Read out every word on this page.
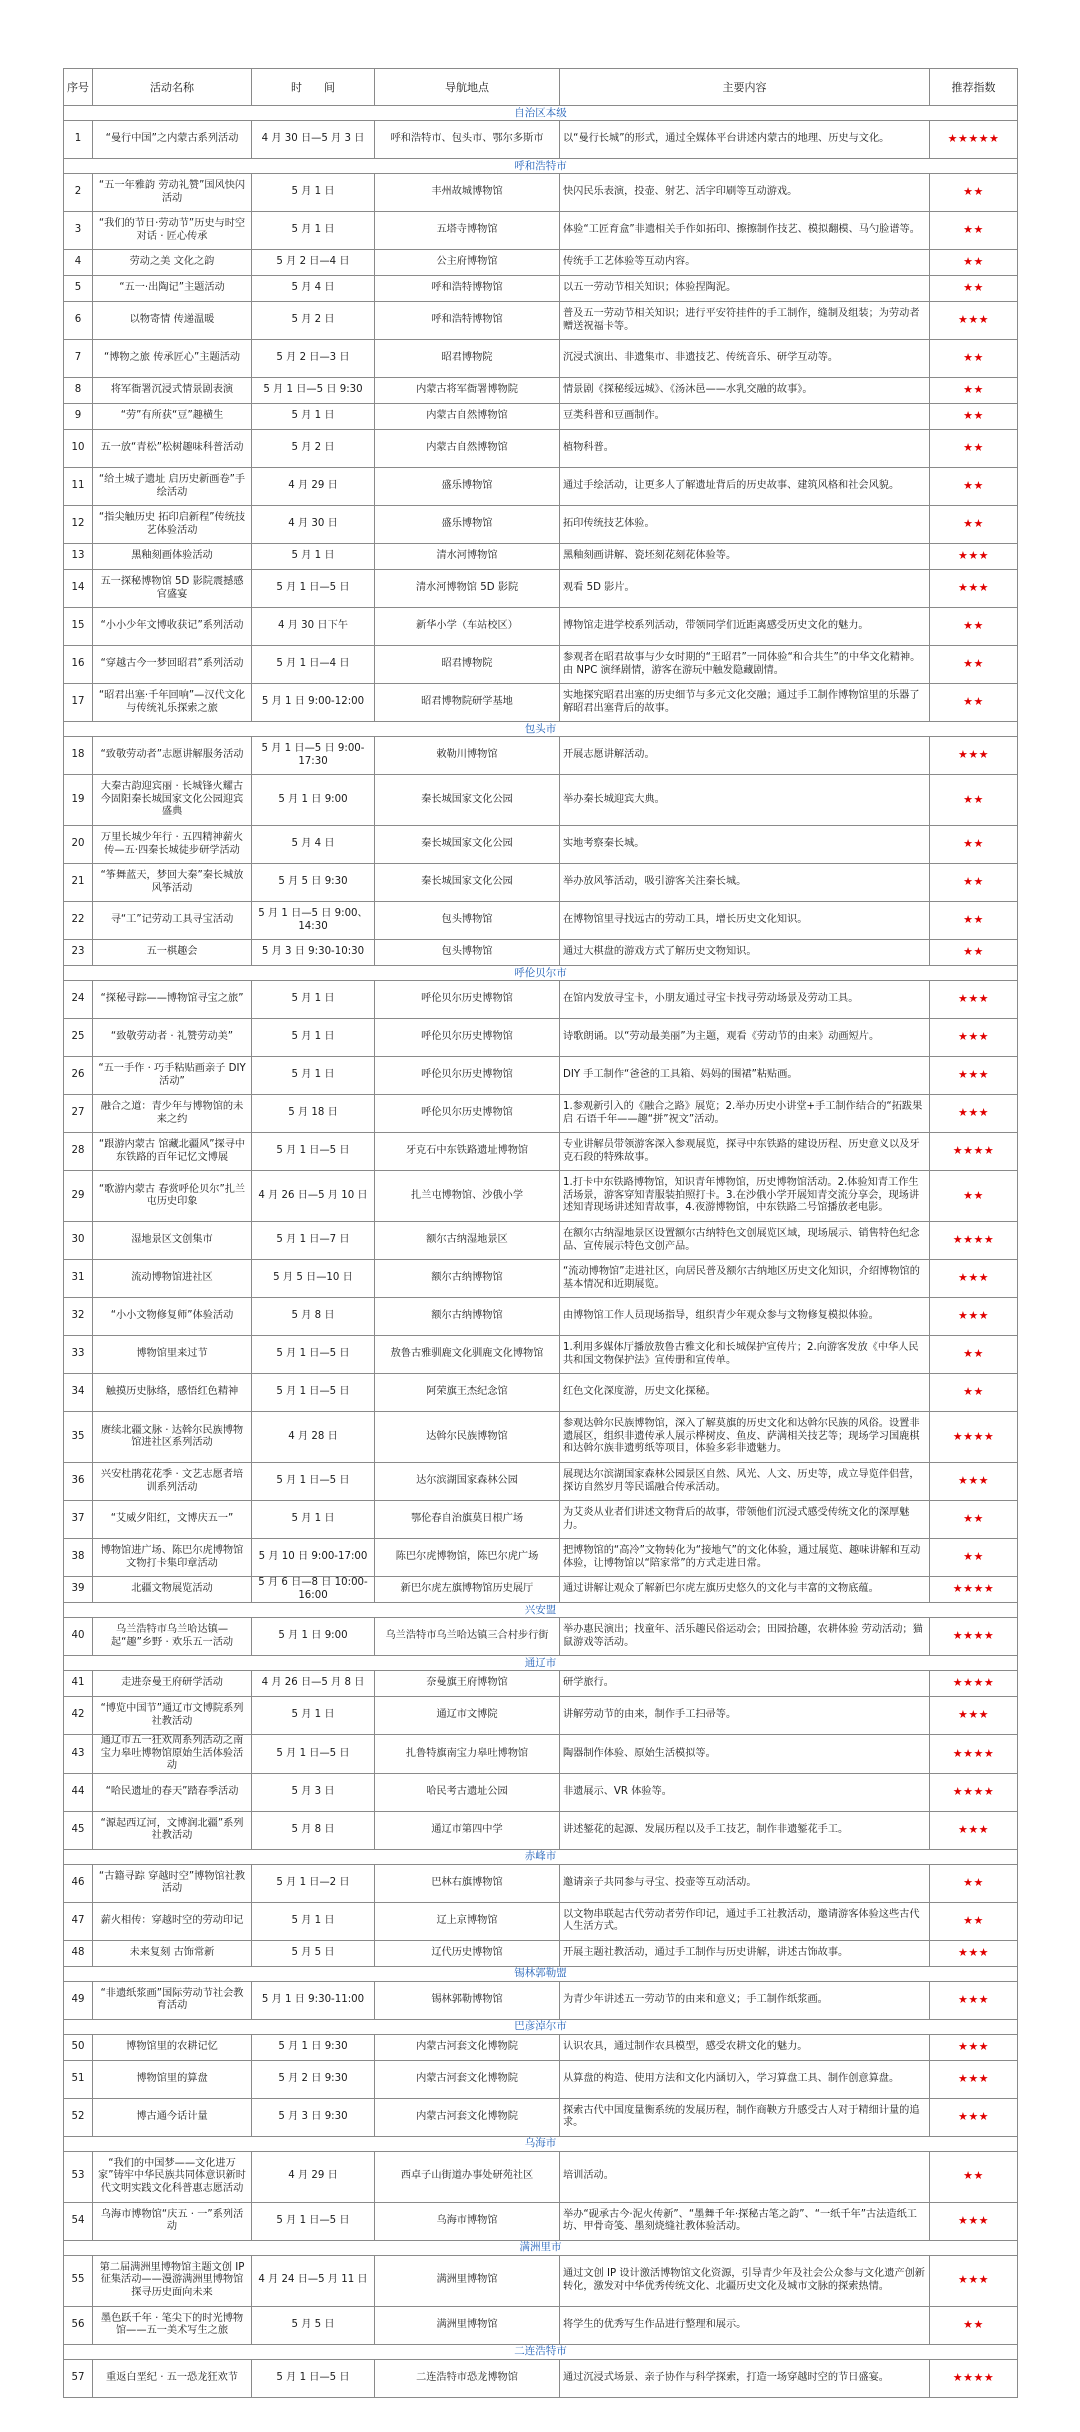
序号	活动名称	时　　间	导航地点	主要内容	推荐指数
自治区本级					
1	“曼行中国”之内蒙古系列活动	4 月 30 日—5 月 3 日	呼和浩特市、包头市、鄂尔多斯市	以“曼行长城”的形式，通过全媒体平台讲述内蒙古的地理、历史与文化。	★★★★★
呼和浩特市					
2	“五一年雅韵 劳动礼赞”国风快闪活动	5 月 1 日	丰州故城博物馆	快闪民乐表演，投壶、射艺、活字印刷等互动游戏。	★★
3	“我们的节日·劳动节”历史与时空对话 · 匠心传承	5 月 1 日	五塔寺博物馆	体验“工匠育盒”非遗相关手作如拓印、擦擦制作技艺、模拟翻模、马勺脸谱等。	★★
4	劳动之美 文化之韵	5 月 2 日—4 日	公主府博物馆	传统手工艺体验等互动内容。	★★
5	“五一·出陶记”主题活动	5 月 4 日	呼和浩特博物馆	以五一劳动节相关知识；体验捏陶泥。	★★
6	以物寄情 传递温暖	5 月 2 日	呼和浩特博物馆	普及五一劳动节相关知识；进行平安符挂件的手工制作，缝制及组装；为劳动者赠送祝福卡等。	★★★
7	“博物之旅 传承匠心”主题活动	5 月 2 日—3 日	昭君博物院	沉浸式演出、非遗集市、非遗技艺、传统音乐、研学互动等。	★★
8	将军衙署沉浸式情景剧表演	5 月 1 日—5 日 9:30	内蒙古将军衙署博物院	情景剧《探秘绥远城》、《汤沐邑——水乳交融的故事》。	★★
9	“劳”有所获“豆”趣横生	5 月 1 日	内蒙古自然博物馆	豆类科普和豆画制作。	★★
10	五一放“青松”松树趣味科普活动	5 月 2 日	内蒙古自然博物馆	植物科普。	★★
11	“给土城子遗址 启历史新画卷”手绘活动	4 月 29 日	盛乐博物馆	通过手绘活动，让更多人了解遗址背后的历史故事、建筑风格和社会风貌。	★★
12	“指尖触历史 拓印启新程”传统技艺体验活动	4 月 30 日	盛乐博物馆	拓印传统技艺体验。	★★
13	黑釉刻画体验活动	5 月 1 日	清水河博物馆	黑釉刻画讲解、瓷坯刻花刻花体验等。	★★★
14	五一探秘博物馆 5D 影院震撼感官盛宴	5 月 1 日—5 日	清水河博物馆 5D 影院	观看 5D 影片。	★★★
15	“小小少年文博收获记”系列活动	4 月 30 日下午	新华小学（车站校区）	博物馆走进学校系列活动，带领同学们近距离感受历史文化的魅力。	★★
16	“穿越古今一梦回昭君”系列活动	5 月 1 日—4 日	昭君博物院	参观者在昭君故事与少女时期的“王昭君”一同体验“和合共生”的中华文化精神。由 NPC 演绎剧情，游客在游玩中触发隐藏剧情。	★★
17	“昭君出塞·千年回响”—汉代文化与传统礼乐探索之旅	5 月 1 日 9:00-12:00	昭君博物院研学基地	实地探究昭君出塞的历史细节与多元文化交融；通过手工制作博物馆里的乐器了解昭君出塞背后的故事。	★★
包头市					
18	“致敬劳动者”志愿讲解服务活动	5 月 1 日—5 日 9:00-17:30	敕勒川博物馆	开展志愿讲解活动。	★★★
19	大秦古韵迎宾丽 · 长城锋火耀古今固阳秦长城国家文化公园迎宾盛典	5 月 1 日 9:00	秦长城国家文化公园	举办秦长城迎宾大典。	★★
20	万里长城少年行 · 五四精神薪火传—五·四秦长城徒步研学活动	5 月 4 日	秦长城国家文化公园	实地考察秦长城。	★★
21	“筝舞蓝天，梦回大秦”秦长城放风筝活动	5 月 5 日 9:30	秦长城国家文化公园	举办放风筝活动，吸引游客关注秦长城。	★★
22	寻“工”记劳动工具寻宝活动	5 月 1 日—5 日 9:00、14:30	包头博物馆	在博物馆里寻找远古的劳动工具，增长历史文化知识。	★★
23	五一棋趣会	5 月 3 日 9:30-10:30	包头博物馆	通过大棋盘的游戏方式了解历史文物知识。	★★
呼伦贝尔市					
24	“探秘寻踪——博物馆寻宝之旅”	5 月 1 日	呼伦贝尔历史博物馆	在馆内发放寻宝卡，小朋友通过寻宝卡找寻劳动场景及劳动工具。	★★★
25	“致敬劳动者 · 礼赞劳动美”	5 月 1 日	呼伦贝尔历史博物馆	诗歌朗诵。以“劳动最美丽”为主题，观看《劳动节的由来》动画短片。	★★★
26	“五一手作 · 巧手粘贴画亲子 DIY 活动”	5 月 1 日	呼伦贝尔历史博物馆	DIY 手工制作“爸爸的工具箱、妈妈的围裙”粘贴画。	★★★
27	融合之道：青少年与博物馆的未来之约	5 月 18 日	呼伦贝尔历史博物馆	1.参观新引入的《融合之路》展览；2.举办历史小讲堂+手工制作结合的“拓跋果启 石语千年——趣“拼”祝文”活动。	★★★
28	“跟游内蒙古 馆藏北疆风”探寻中东铁路的百年记忆文博展	5 月 1 日—5 日	牙克石中东铁路遗址博物馆	专业讲解员带领游客深入参观展览，探寻中东铁路的建设历程、历史意义以及牙克石段的特殊故事。	★★★★
29	“歌游内蒙古 春赏呼伦贝尔”扎兰屯历史印象	4 月 26 日—5 月 10 日	扎兰屯博物馆、沙俄小学	1.打卡中东铁路博物馆，知识青年博物馆，历史博物馆活动。2.体验知青工作生活场景，游客穿知青服装拍照打卡。3.在沙俄小学开展知青交流分享会，现场讲述知青现场讲述知青故事，4.夜游博物馆，中东铁路二号馆播放老电影。	★★
30	湿地景区文创集市	5 月 1 日—7 日	额尔古纳湿地景区	在额尔古纳湿地景区设置额尔古纳特色文创展览区域，现场展示、销售特色纪念品、宣传展示特色文创产品。	★★★★
31	流动博物馆进社区	5 月 5 日—10 日	额尔古纳博物馆	“流动博物馆”走进社区，向居民普及额尔古纳地区历史文化知识，介绍博物馆的基本情况和近期展览。	★★★
32	“小小文物修复师”体验活动	5 月 8 日	额尔古纳博物馆	由博物馆工作人员现场指导，组织青少年观众参与文物修复模拟体验。	★★★
33	博物馆里来过节	5 月 1 日—5 日	敖鲁古雅驯鹿文化驯鹿文化博物馆	1.利用多媒体厅播放敖鲁古雅文化和长城保护宣传片；2.向游客发放《中华人民共和国文物保护法》宣传册和宣传单。	★★
34	触摸历史脉络，感悟红色精神	5 月 1 日—5 日	阿荣旗王杰纪念馆	红色文化深度游，历史文化探秘。	★★
35	赓续北疆文脉 · 达斡尔民族博物馆进社区系列活动	4 月 28 日	达斡尔民族博物馆	参观达斡尔民族博物馆，深入了解莫旗的历史文化和达斡尔民族的风俗。设置非遗展区，组织非遗传承人展示桦树皮、鱼皮、萨满相关技艺等；现场学习国鹿棋和达斡尔族非遗剪纸等项目，体验多彩非遗魅力。	★★★★
36	兴安杜鹃花花季 · 文艺志愿者培训系列活动	5 月 1 日—5 日	达尔滨湖国家森林公园	展现达尔滨湖国家森林公园景区自然、风光、人文、历史等，成立导览伴侣营，探访自然岁月等民谣融合传承活动。	★★★
37	“艾威夕阳红，文博庆五一”	5 月 1 日	鄂伦春自治旗莫日根广场	为艾炎从业者们讲述文物背后的故事，带领他们沉浸式感受传统文化的深厚魅力。	★★
38	博物馆进广场、陈巴尔虎博物馆文物打卡集印章活动	5 月 10 日 9:00-17:00	陈巴尔虎博物馆，陈巴尔虎广场	把博物馆的“高冷”文物转化为“接地气”的文化体验，通过展览、趣味讲解和互动体验，让博物馆以“陪家常”的方式走进日常。	★★
39	北疆文物展览活动	5 月 6 日—8 日 10:00-16:00	新巴尔虎左旗博物馆历史展厅	通过讲解让观众了解新巴尔虎左旗历史悠久的文化与丰富的文物底蕴。	★★★★
兴安盟					
40	乌兰浩特市乌兰哈达镇—起“趣”乡野 · 欢乐五一活动	5 月 1 日 9:00	乌兰浩特市乌兰哈达镇三合村步行街	举办惠民演出；找童年、活乐趣民俗运动会；田园拾趣，农耕体验 劳动活动；猫鼠游戏等活动。	★★★★
通辽市					
41	走进奈曼王府研学活动	4 月 26 日—5 月 8 日	奈曼旗王府博物馆	研学旅行。	★★★★
42	“博览中国节”通辽市文博院系列社教活动	5 月 1 日	通辽市文博院	讲解劳动节的由来，制作手工扫帚等。	★★★
43	通辽市五一狂欢周系列活动之南宝力皋吐博物馆原始生活体验活动	5 月 1 日—5 日	扎鲁特旗南宝力皋吐博物馆	陶器制作体验、原始生活模拟等。	★★★★
44	“哈民遗址的春天”踏春季活动	5 月 3 日	哈民考古遗址公园	非遗展示、VR 体验等。	★★★★
45	“源起西辽河，文博润北疆”系列社教活动	5 月 8 日	通辽市第四中学	讲述錾花的起源、发展历程以及手工技艺，制作非遗錾花手工。	★★★
赤峰市					
46	“古籍寻踪 穿越时空”博物馆社教活动	5 月 1 日—2 日	巴林右旗博物馆	邀请亲子共同参与寻宝、投壶等互动活动。	★★
47	薪火相传：穿越时空的劳动印记	5 月 1 日	辽上京博物馆	以文物串联起古代劳动者劳作印记，通过手工社教活动，邀请游客体验这些古代人生活方式。	★★
48	未来复刻 古饰常新	5 月 5 日	辽代历史博物馆	开展主题社教活动，通过手工制作与历史讲解，讲述古饰故事。	★★★
锡林郭勒盟					
49	“非遗纸浆画”国际劳动节社会教育活动	5 月 1 日 9:30-11:00	锡林郭勒博物馆	为青少年讲述五一劳动节的由来和意义；手工制作纸浆画。	★★★
巴彦淖尔市					
50	博物馆里的农耕记忆	5 月 1 日 9:30	内蒙古河套文化博物院	认识农具，通过制作农具模型，感受农耕文化的魅力。	★★★
51	博物馆里的算盘	5 月 2 日 9:30	内蒙古河套文化博物院	从算盘的构造、使用方法和文化内涵切入，学习算盘工具、制作创意算盘。	★★★
52	博古通今话计量	5 月 3 日 9:30	内蒙古河套文化博物院	探索古代中国度量衡系统的发展历程，制作商鞅方升感受古人对于精细计量的追求。	★★★
乌海市					
53	“我们的中国梦——文化进万家”铸牢中华民族共同体意识新时代文明实践文化科普惠志愿活动	4 月 29 日	西卓子山街道办事处研苑社区	培训活动。	★★
54	乌海市博物馆“庆五 · 一”系列活动	5 月 1 日—5 日	乌海市博物馆	举办“砚承古今·泥火传新”、“墨舞千年·探秘古笔之韵”、“一纸千年”古法造纸工坊、甲骨奇笺、墨刻烧缝社教体验活动。	★★★
满洲里市					
55	第二届满洲里博物馆主题文创 IP 征集活动——漫游满洲里博物馆 探寻历史面向未来	4 月 24 日—5 月 11 日	满洲里博物馆	通过文创 IP 设计激活博物馆文化资源，引导青少年及社会公众参与文化遗产创新转化，激发对中华优秀传统文化、北疆历史文化及城市文脉的探索热情。	★★★
56	墨色跃千年 · 笔尖下的时光博物馆——五一美术写生之旅	5 月 5 日	满洲里博物馆	将学生的优秀写生作品进行整理和展示。	★★
二连浩特市					
57	重返白垩纪 · 五一恐龙狂欢节	5 月 1 日—5 日	二连浩特市恐龙博物馆	通过沉浸式场景、亲子协作与科学探索，打造一场穿越时空的节日盛宴。	★★★★
